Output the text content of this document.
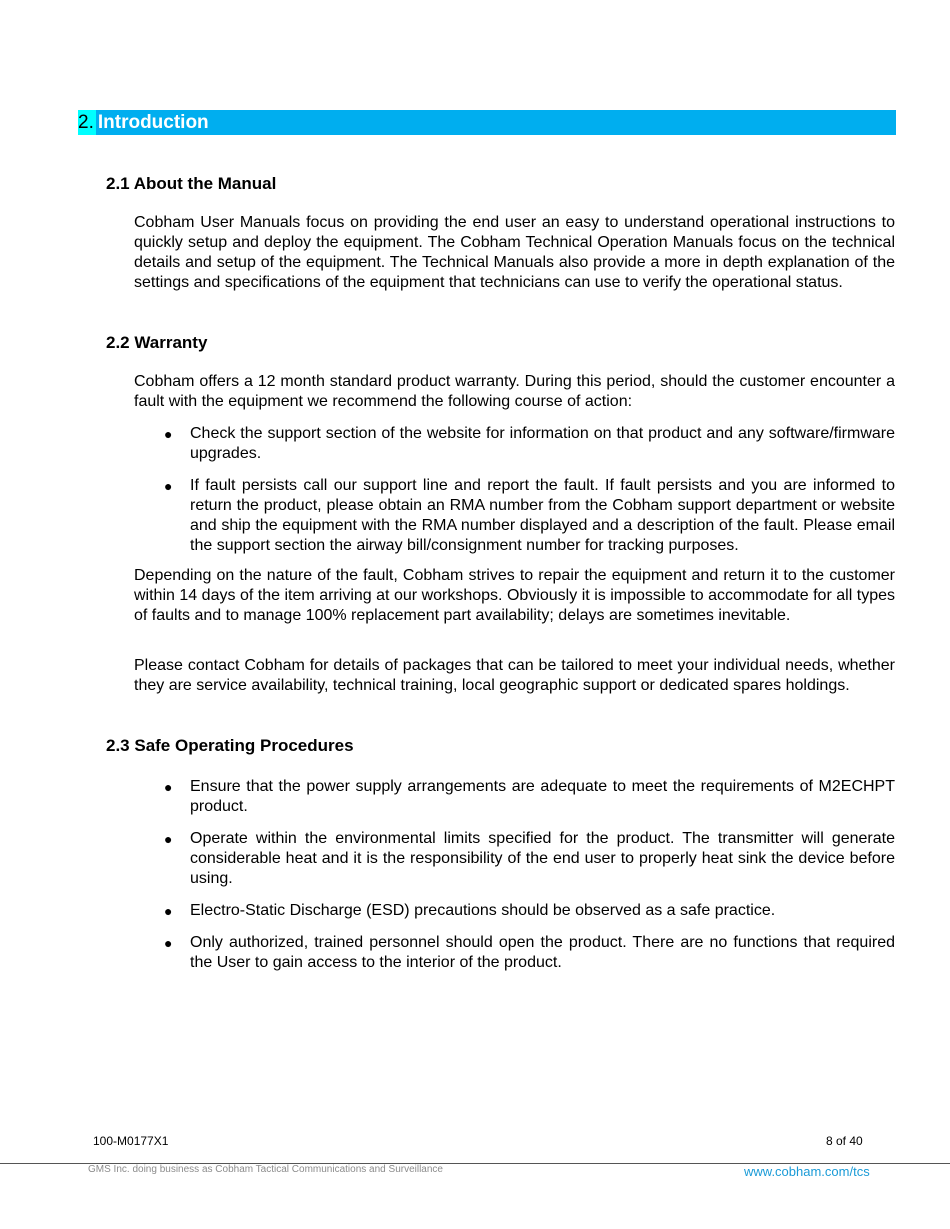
2. Introduction
2.1 About the Manual

Cobham User Manuals focus on providing the end user an easy to understand operational instructions to quickly setup and deploy the equipment. The Cobham Technical Operation Manuals focus on the technical details and setup of the equipment. The Technical Manuals also provide a more in depth explanation of the settings and specifications of the equipment that technicians can use to verify the operational status.

2.2 Warranty

Cobham offers a 12 month standard product warranty. During this period, should the customer encounter a fault with the equipment we recommend the following course of action:

● Check the support section of the website for information on that product and any software/firmware upgrades.
● If fault persists call our support line and report the fault. If fault persists and you are informed to return the product, please obtain an RMA number from the Cobham support department or website and ship the equipment with the RMA number displayed and a description of the fault. Please email the support section the airway bill/consignment number for tracking purposes.

Depending on the nature of the fault, Cobham strives to repair the equipment and return it to the customer within 14 days of the item arriving at our workshops. Obviously it is impossible to accommodate for all types of faults and to manage 100% replacement part availability; delays are sometimes inevitable.

Please contact Cobham for details of packages that can be tailored to meet your individual needs, whether they are service availability, technical training, local geographic support or dedicated spares holdings.

2.3 Safe Operating Procedures
● Ensure that the power supply arrangements are adequate to meet the requirements of M2ECHPT product.
● Operate within the environmental limits specified for the product. The transmitter will generate considerable heat and it is the responsibility of the end user to properly heat sink the device before using.
● Electro-Static Discharge (ESD) precautions should be observed as a safe practice.
● Only authorized, trained personnel should open the product. There are no functions that required the User to gain access to the interior of the product.
100-M0177X1	8 of 40
GMS Inc. doing business as Cobham Tactical Communications and Surveillance	www.cobham.com/tcs
